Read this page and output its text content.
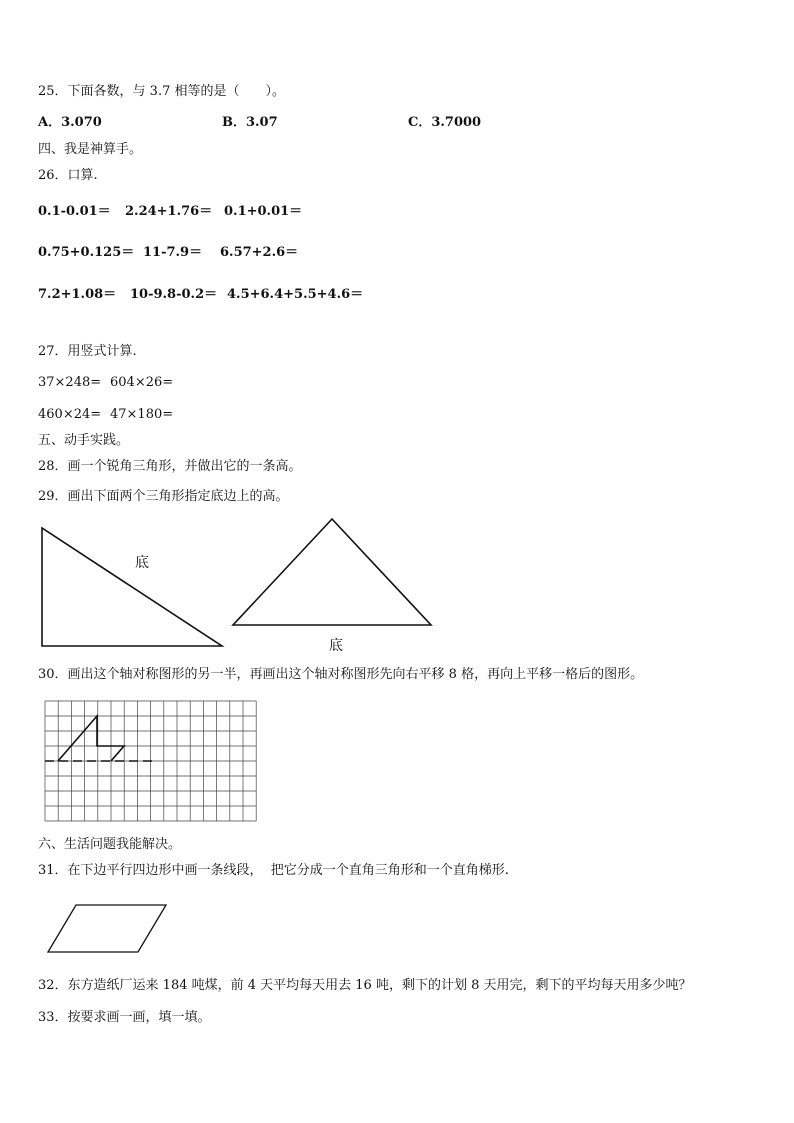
25．下面各数，与 3.7 相等的是（　　）。
A．3.070	B．3.07	C．3.7000
四、我是神算手。
26．口算.
0.1-0.01＝ 2.24+1.76＝ 0.1+0.01＝
0.75+0.125＝ 11-7.9＝ 6.57+2.6＝
7.2+1.08＝ 10-9.8-0.2＝ 4.5+6.4+5.5+4.6＝
27．用竖式计算.
37×248= 604×26=
460×24= 47×180=
五、动手实践。
28．画一个锐角三角形，并做出它的一条高。
29．画出下面两个三角形指定底边上的高。
底
底
30．画出这个轴对称图形的另一半，再画出这个轴对称图形先向右平移 8 格，再向上平移一格后的图形。
六、生活问题我能解决。
31．在下边平行四边形中画一条线段，  把它分成一个直角三角形和一个直角梯形.
32．东方造纸厂运来 184 吨煤，前 4 天平均每天用去 16 吨，剩下的计划 8 天用完，剩下的平均每天用多少吨？
33．按要求画一画，填一填。
